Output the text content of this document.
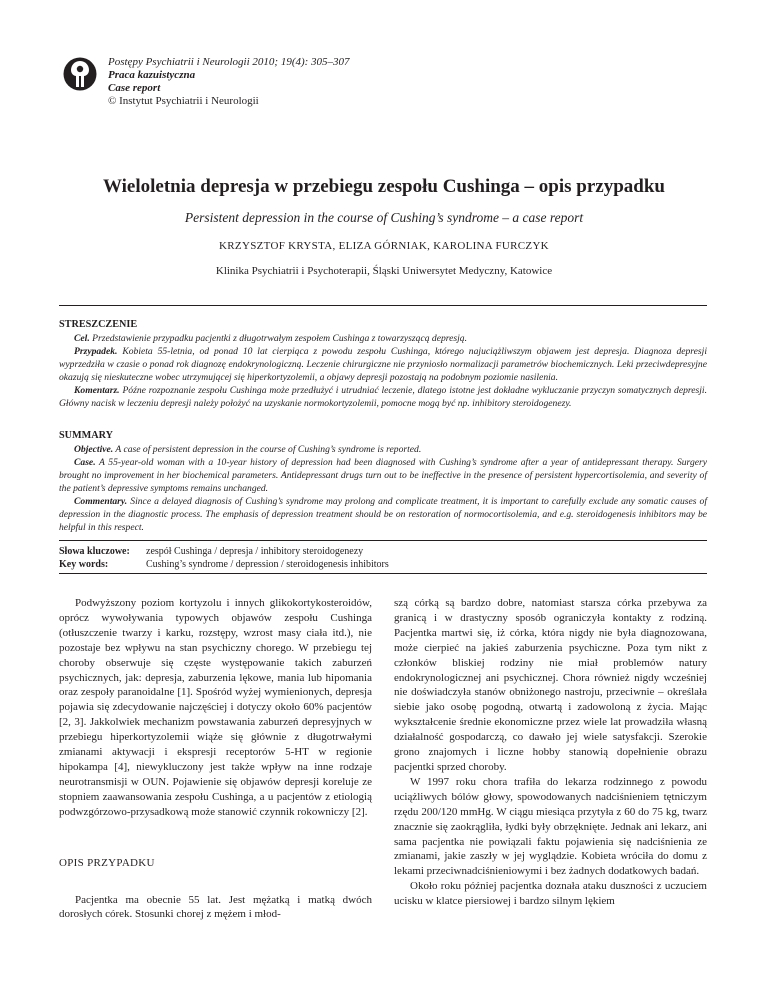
Postępy Psychiatrii i Neurologii 2010; 19(4): 305–307
Praca kazuistyczna
Case report
© Instytut Psychiatrii i Neurologii
Wieloletnia depresja w przebiegu zespołu Cushinga – opis przypadku
Persistent depression in the course of Cushing’s syndrome – a case report
KRZYSZTOF KRYSTA, ELIZA GÓRNIAK, KAROLINA FURCZYK
Klinika Psychiatrii i Psychoterapii, Śląski Uniwersytet Medyczny, Katowice
STRESZCZENIE

Cel. Przedstawienie przypadku pacjentki z długotrwałym zespołem Cushinga z towarzyszącą depresją.

Przypadek. Kobieta 55-letnia, od ponad 10 lat cierpiąca z powodu zespołu Cushinga, którego najuciążliwszym objawem jest depresja. Diagnoza depresji wyprzedziła w czasie o ponad rok diagnozę endokrynologiczną. Leczenie chirurgiczne nie przyniosło normalizacji parametrów biochemicznych. Leki przeciwdepresyjne okazują się nieskuteczne wobec utrzymującej się hiperkortyzolemii, a objawy depresji pozostają na podobnym poziomie nasilenia.

Komentarz. Późne rozpoznanie zespołu Cushinga może przedłużyć i utrudniać leczenie, dlatego istotne jest dokładne wykluczanie przyczyn somatycznych depresji. Główny nacisk w leczeniu depresji należy położyć na uzyskanie normokortyzolemii, pomocne mogą być np. inhibitory steroidogenezy.

SUMMARY

Objective. A case of persistent depression in the course of Cushing’s syndrome is reported.

Case. A 55-year-old woman with a 10-year history of depression had been diagnosed with Cushing’s syndrome after a year of antidepressant therapy. Surgery brought no improvement in her biochemical parameters. Antidepressant drugs turn out to be ineffective in the presence of persistent hypercortisolemia, and severity of the patient’s depressive symptoms remains unchanged.

Commentary. Since a delayed diagnosis of Cushing’s syndrome may prolong and complicate treatment, it is important to carefully exclude any somatic causes of depression in the diagnostic process. The emphasis of depression treatment should be on restoration of normocortisolemia, and e.g. steroidogenesis inhibitors may be helpful in this respect.

Słowa kluczowe: zespół Cushinga / depresja / inhibitory steroidogenezy
Key words:	Cushing’s syndrome / depression / steroidogenesis inhibitors

Podwyższony poziom kortyzolu i innych glikokortykosteroidów, oprócz wywoływania typowych objawów zespołu Cushinga (otłuszczenie twarzy i karku, rozstępy, wzrost masy ciała itd.), nie pozostaje bez wpływu na stan psychiczny chorego. W przebiegu tej choroby obserwuje się częste występowanie takich zaburzeń psychicznych, jak: depresja, zaburzenia lękowe, mania lub hipomania oraz zespoły paranoidalne [1]. Spośród wyżej wymienionych, depresja pojawia się zdecydowanie najczęściej i dotyczy około 60% pacjentów [2, 3]. Jakkolwiek mechanizm powstawania zaburzeń depresyjnych w przebiegu hiperkortyzolemii wiąże się głównie z długotrwałymi zmianami aktywacji i ekspresji receptorów 5-HT w regionie hipokampa [4], niewykluczony jest także wpływ na inne rodzaje neurotransmisji w OUN. Pojawienie się objawów depresji koreluje ze stopniem zaawansowania zespołu Cushinga, a u pacjentów z etiologią podwzgórzowo-przysadkową może stanowić czynnik rokowniczy [2].

OPIS PRZYPADKU

Pacjentka ma obecnie 55 lat. Jest mężatką i matką dwóch dorosłych córek. Stosunki chorej z mężem i młod-

szą córką są bardzo dobre, natomiast starsza córka przebywa za granicą i w drastyczny sposób ograniczyła kontakty z rodziną. Pacjentka martwi się, iż córka, która nigdy nie była diagnozowana, może cierpieć na jakieś zaburzenia psychiczne. Poza tym nikt z członków bliskiej rodziny nie miał problemów natury endokrynologicznej ani psychicznej. Chora również nigdy wcześniej nie doświadczyła stanów obniżonego nastroju, przeciwnie – określała siebie jako osobę pogodną, otwartą i zadowoloną z życia. Mając wykształcenie średnie ekonomiczne przez wiele lat prowadziła własną działalność gospodarczą, co dawało jej wiele satysfakcji. Szerokie grono znajomych i liczne hobby stanowią dopełnienie obrazu pacjentki sprzed choroby.

W 1997 roku chora trafiła do lekarza rodzinnego z powodu uciążliwych bólów głowy, spowodowanych nadciśnieniem tętniczym rzędu 200/120 mmHg. W ciągu miesiąca przytyła z 60 do 75 kg, twarz znacznie się zaokrągliła, łydki były obrzęknięte. Jednak ani lekarz, ani sama pacjentka nie powiązali faktu pojawienia się nadciśnienia ze zmianami, jakie zaszły w jej wyglądzie. Kobieta wróciła do domu z lekami przeciwnadciśnieniowymi i bez żadnych dodatkowych badań.

Około roku później pacjentka doznała ataku duszności z uczuciem ucisku w klatce piersiowej i bardzo silnym lękiem
